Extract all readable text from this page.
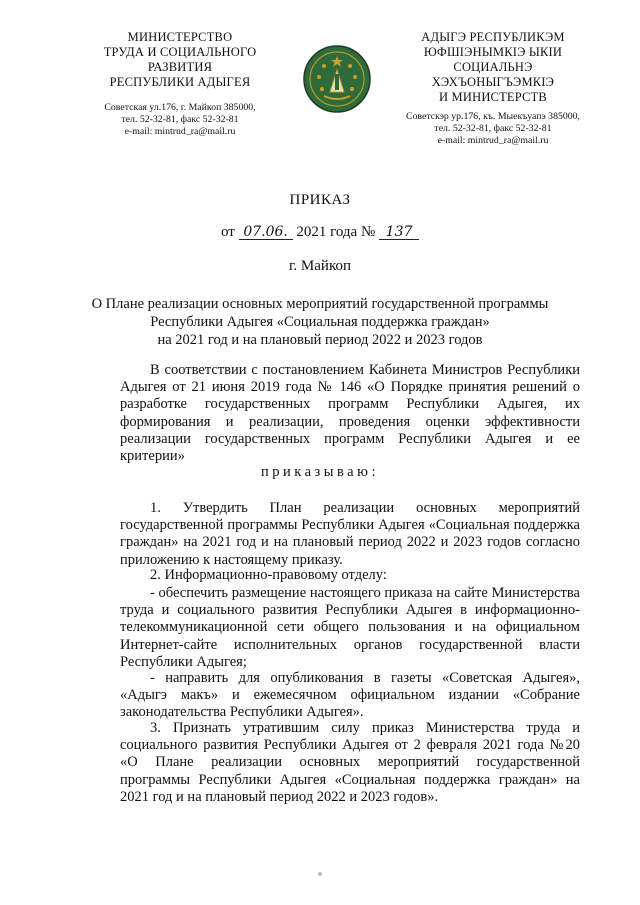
МИНИСТЕРСТВО
ТРУДА И СОЦИАЛЬНОГО
РАЗВИТИЯ
РЕСПУБЛИКИ АДЫГЕЯ
Советская ул.176, г. Майкоп 385000,
тел. 52-32-81, факс 52-32-81
e-mail: mintrud_ra@mail.ru
АДЫГЭ РЕСПУБЛИКЭМ
ЮФШІЭНЫМКІЭ ЫКІИ
СОЦИАЛЬНЭ
ХЭХЪОНЫГЪЭМКІЭ
И МИНИСТЕРСТВ
Советскэр ур.176, къ. Мыекъуапэ 385000,
тел. 52-32-81, факс 52-32-81
e-mail: mintrud_ra@mail.ru
ПРИКАЗ
от 07.06. 2021 года № 137
г. Майкоп
О Плане реализации основных мероприятий государственной программы
Республики Адыгея «Социальная поддержка граждан»
на 2021 год и на плановый период 2022 и 2023 годов
В соответствии с постановлением Кабинета Министров Республики Адыгея от 21 июня 2019 года № 146 «О Порядке принятия решений о разработке государственных программ Республики Адыгея, их формирования и реализации, проведения оценки эффективности реализации государственных программ Республики Адыгея и ее критерии»
приказываю:
1. Утвердить План реализации основных мероприятий государственной программы Республики Адыгея «Социальная поддержка граждан» на 2021 год и на плановый период 2022 и 2023 годов согласно приложению к настоящему приказу.
2. Информационно-правовому отделу:
- обеспечить размещение настоящего приказа на сайте Министерства труда и социального развития Республики Адыгея в информационно-телекоммуникационной сети общего пользования и на официальном Интернет-сайте исполнительных органов государственной власти Республики Адыгея;
- направить для опубликования в газеты «Советская Адыгея», «Адыгэ макъ» и ежемесячном официальном издании «Собрание законодательства Республики Адыгея».
3. Признать утратившим силу приказ Министерства труда и социального развития Республики Адыгея от 2 февраля 2021 года №20 «О Плане реализации основных мероприятий государственной программы Республики Адыгея «Социальная поддержка граждан» на 2021 год и на плановый период 2022 и 2023 годов».
